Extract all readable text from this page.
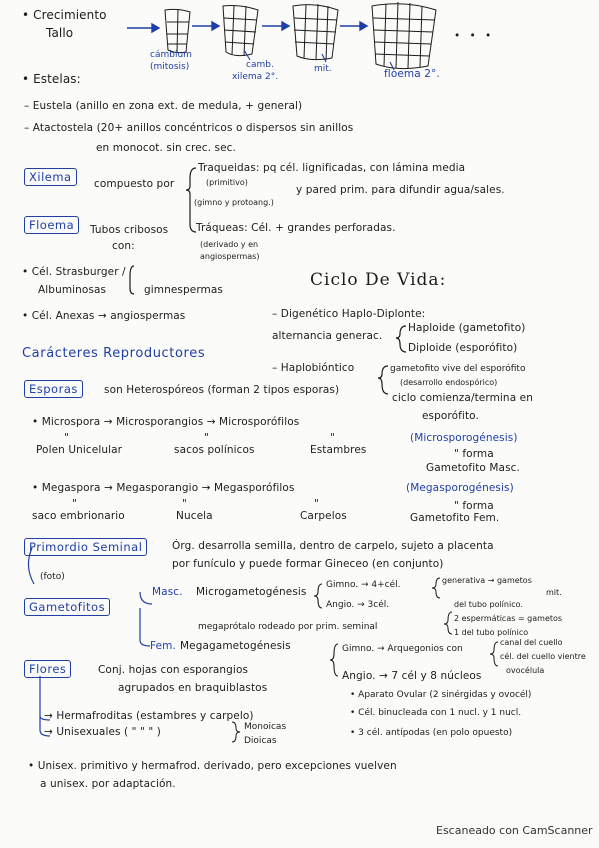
• Crecimiento
Tallo
cámbium
(mitosis)
xilema 2°.
camb.	mit.	floema 2°.
• • •
• Estelas:
– Eustela (anillo en zona ext. de medula, + general)
– Atactostela (20+ anillos concéntricos o dispersos sin anillos
en monocot. sin crec. sec.
Xilema	compuesto por
Traqueidas: pq cél. lignificadas, con lámina media
(primitivo)
y pared prim. para difundir agua/sales.
(gimno y protoang.)
Tráqueas: Cél. + grandes perforadas.
(derivado y en
angiospermas)
Floema	Tubos cribosos
con:
• Cél. Strasburger /
Albuminosas	gimnespermas
• Cél. Anexas → angiospermas
Ciclo De Vida:
– Digenético Haplo-Diplonte:
alternancia generac.
Haploide (gametofito)
Diploide (esporófito)
– Haplobióntico	gametofito vive del esporófito
(desarrollo endospórico)
ciclo comienza/termina en
esporófito.
Carácteres Reproductores
Esporas	son Heterospóreos (forman 2 tipos esporas)
• Microspora → Microsporangios → Microsporófilos
"	"	"
Polen Unicelular	sacos polínicos	Estambres
(Microsporogénesis)
" forma
Gametofito Masc.
• Megaspora → Megasporangio → Megasporófilos	(Megasporogénesis)
"	"	"
saco embrionario	Nucela	Carpelos
" forma
Gametofito Fem.
Primordio Seminal	Órg. desarrolla semilla, dentro de carpelo, sujeto a placenta
por funículo y puede formar Gineceo (en conjunto)
(foto)
Gametofitos
Masc. Microgametogénesis
Gimno. → 4+cél.
Angio. → 3cél.
generativa → gametos
mit.
del tubo polínico.
2 espermáticas = gametos
1 del tubo polínico
megaprótalo rodeado por prim. seminal
Fem. Megagametogénesis	Gimno. → Arquegonios con
canal del cuello
cél. del cuello vientre
ovocélula
Angio. → 7 cél y 8 núcleos
• Aparato Ovular (2 sinérgidas y ovocél)
• Cél. binucleada con 1 nucl. y 1 nucl.
• 3 cél. antípodas (en polo opuesto)
Flores	Conj. hojas con esporangios
agrupados en braquiblastos
→ Hermafroditas (estambres y carpelo)
→ Unisexuales ( " " " )	Monoicas
Dioicas
• Unisex. primitivo y hermafrod. derivado, pero excepciones vuelven
a unisex. por adaptación.
Escaneado con CamScanner
